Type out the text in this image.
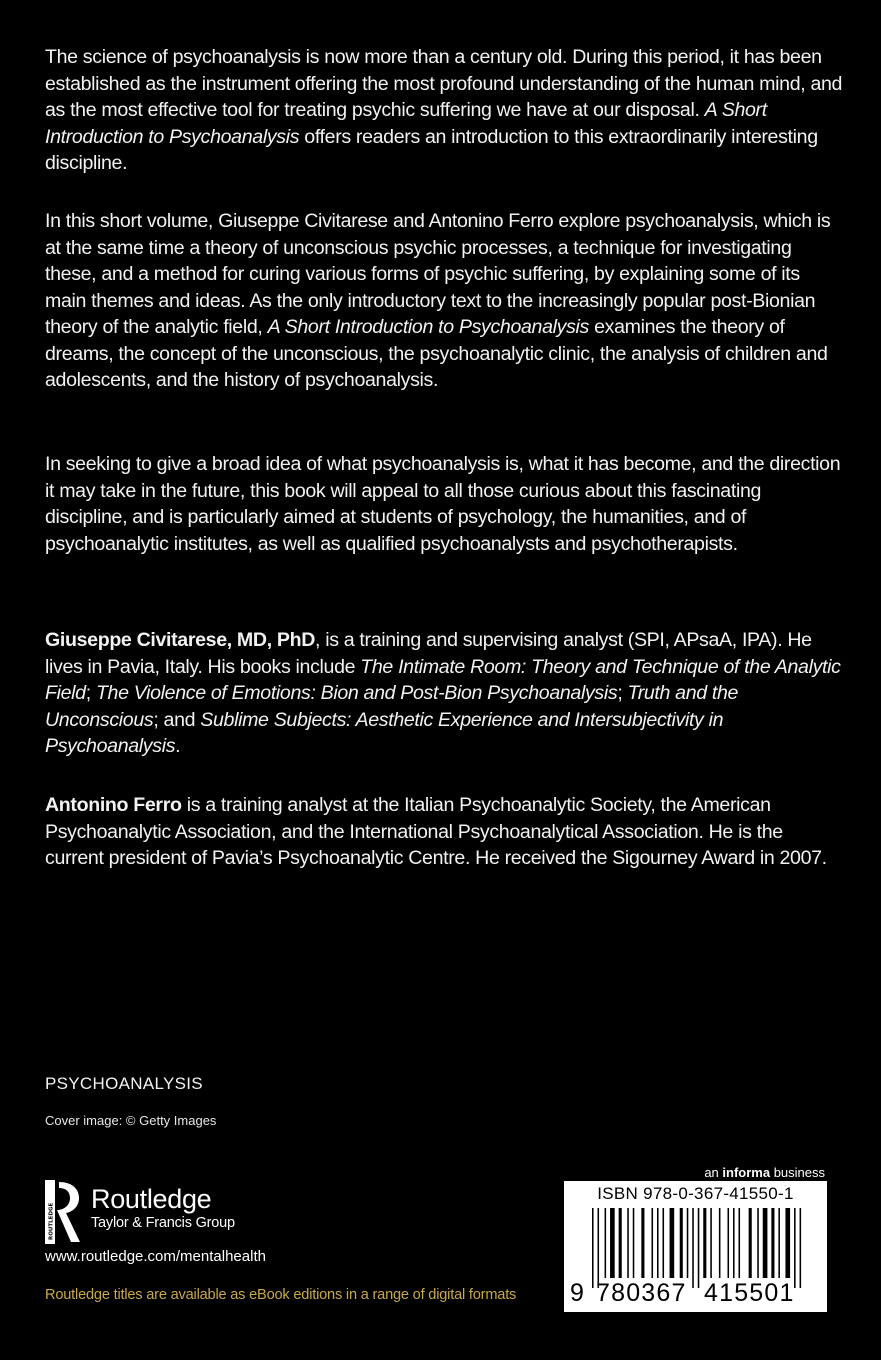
The science of psychoanalysis is now more than a century old. During this period, it has been established as the instrument offering the most profound understanding of the human mind, and as the most effective tool for treating psychic suffering we have at our disposal.

A Short Introduction to Psychoanalysis

offers readers an introduction to this extraordinarily interesting discipline.

In this short volume, Giuseppe Civitarese and Antonino Ferro explore psychoanalysis, which is at the same time a theory of unconscious psychic processes, a technique for investigating these, and a method for curing various forms of psychic suffering, by explaining some of its main themes and ideas. As the only introductory text to the increasingly popular post-Bionian theory of the analytic field,

A Short Introduction to Psychoanalysis

examines the theory of dreams, the concept of the unconscious, the psychoanalytic clinic, the analysis of children and adolescents, and the history of psychoanalysis.

In seeking to give a broad idea of what psychoanalysis is, what it has become, and the direction it may take in the future, this book will appeal to all those curious about this fascinating discipline, and is particularly aimed at students of psychology, the humanities, and of psychoanalytic institutes, as well as qualified psychoanalysts and psychotherapists.

Giuseppe Civitarese, MD, PhD

, is a training and supervising analyst (SPI, APsaA, IPA). He lives in Pavia, Italy. His books include

The Intimate Room: Theory and Technique of the Analytic Field

;

The Violence of Emotions: Bion and Post-Bion Psychoanalysis

;

Truth and the Unconscious

; and

Sublime Subjects: Aesthetic Experience and Intersubjectivity in Psychoanalysis

.

Antonino Ferro

is a training analyst at the Italian Psychoanalytic Society, the American Psychoanalytic Association, and the International Psychoanalytical Association. He is the current president of Pavia’s Psychoanalytic Centre. He received the Sigourney Award in 2007.

PSYCHOANALYSIS
Cover image: © Getty Images
ROUTLEDGE
Routledge
Taylor & Francis Group
www.routledge.com/mentalhealth
Routledge titles are available as eBook editions in a range of digital formats
an informa business
ISBN 978-0-367-41550-1
9 780367 415501
